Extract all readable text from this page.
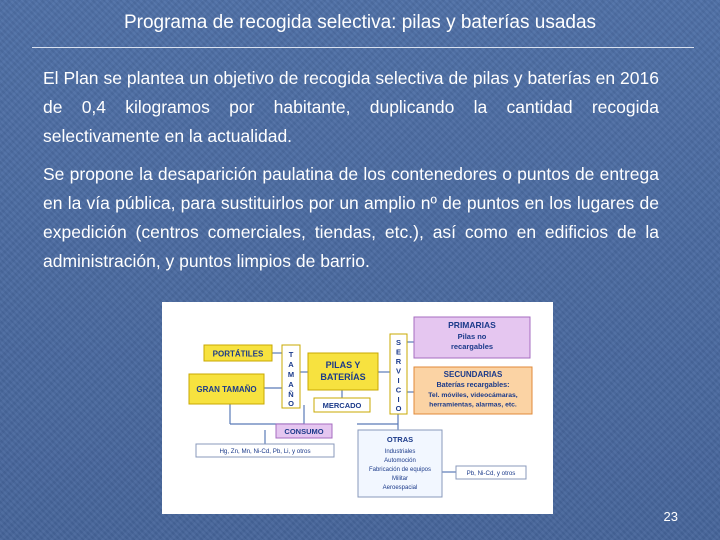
Programa de recogida selectiva: pilas y baterías usadas
El Plan se plantea un objetivo de recogida selectiva de pilas y baterías en 2016 de 0,4 kilogramos por habitante, duplicando la cantidad recogida selectivamente en la actualidad.
Se propone la desaparición paulatina de los contenedores o puntos de entrega en la vía pública, para sustituirlos por un amplio nº de puntos en los lugares de expedición (centros comerciales, tiendas, etc.), así como en edificios de la administración, y puntos limpios de barrio.
PORTÁTILES
GRAN TAMAÑO
T
A
M
A
Ñ
O
PILAS Y
BATERÍAS
MERCADO
S
E
R
V
I
C
I
O
PRIMARIAS
Pilas no
recargables
SECUNDARIAS
Baterías recargables:
Tel. móviles, videocámaras,
herramientas, alarmas, etc.
CONSUMO
Hg, Zn, Mn, Ni-Cd, Pb, Li, y otros
OTRAS
Industriales
Automoción
Fabricación de equipos
Militar
Aeroespacial
Pb, Ni-Cd, y otros
23
